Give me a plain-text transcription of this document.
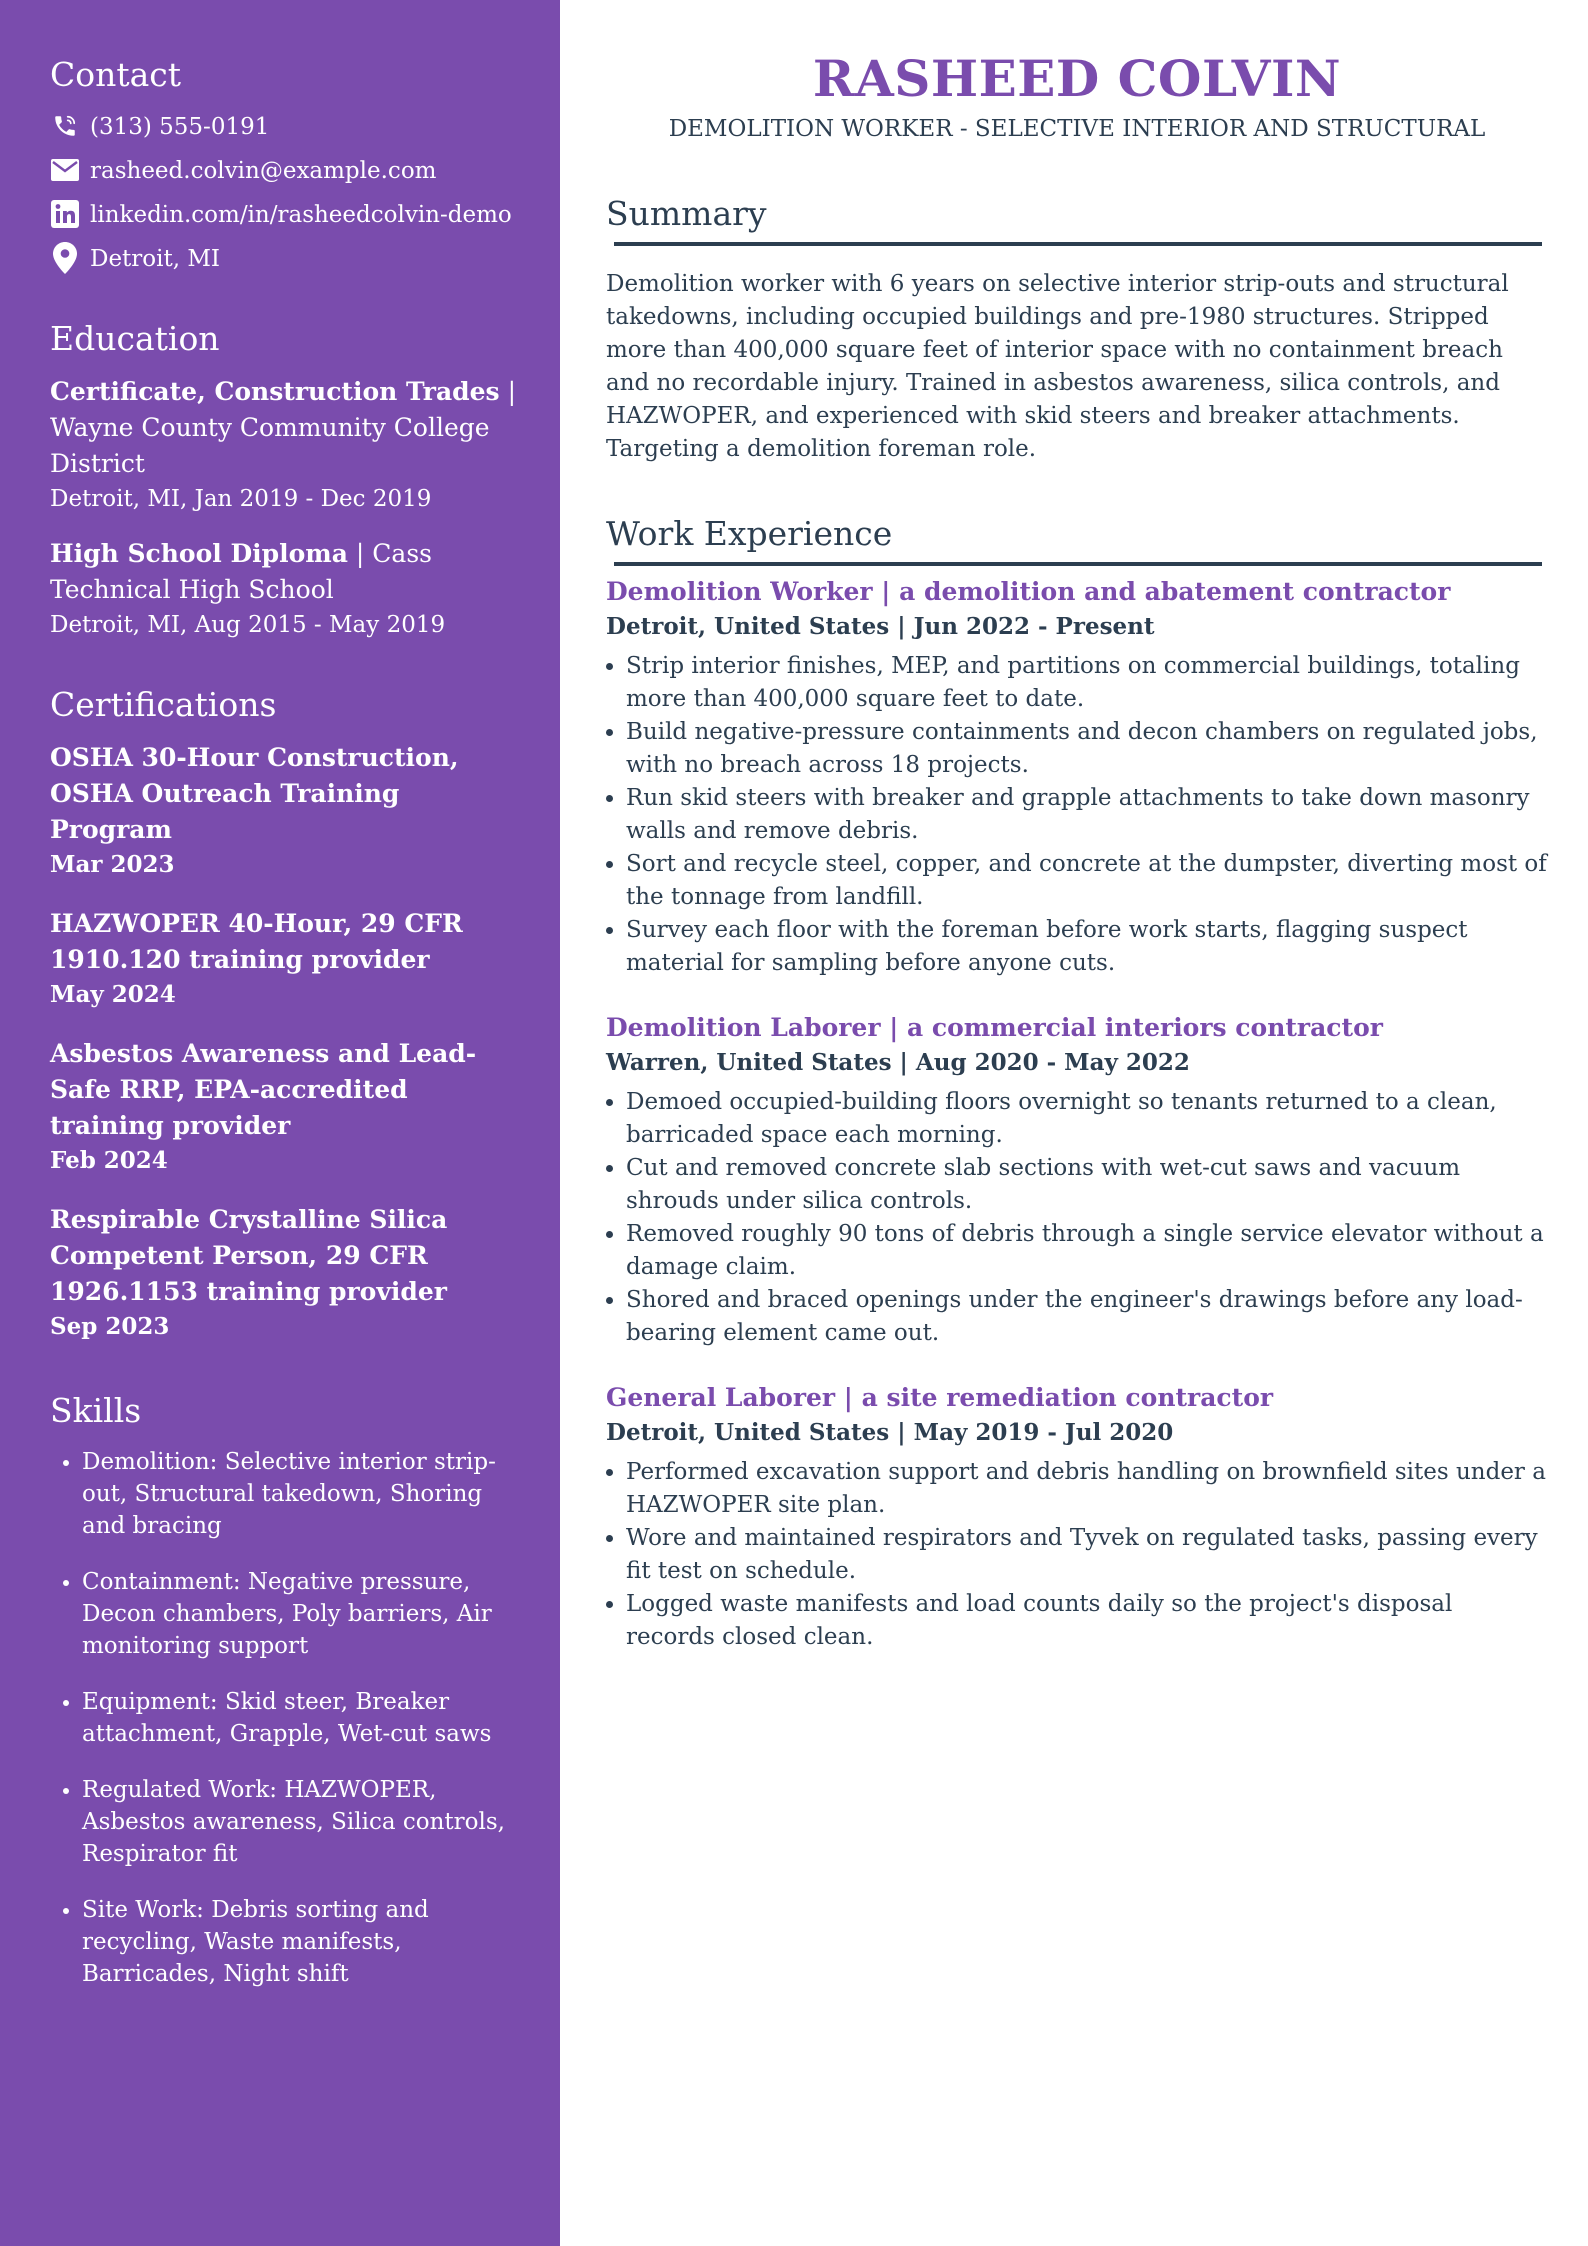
Contact
(313) 555-0191
rasheed.colvin@example.com
linkedin.com/in/rasheedcolvin-demo
Detroit, MI
Education
Certificate, Construction Trades | Wayne County Community College District
Detroit, MI, Jan 2019 - Dec 2019
High School Diploma | Cass Technical High School
Detroit, MI, Aug 2015 - May 2019
Certifications
OSHA 30-Hour Construction, OSHA Outreach Training Program
Mar 2023
HAZWOPER 40-Hour, 29 CFR 1910.120 training provider
May 2024
Asbestos Awareness and Lead-Safe RRP, EPA-accredited training provider
Feb 2024
Respirable Crystalline Silica Competent Person, 29 CFR 1926.1153 training provider
Sep 2023
Skills
• Demolition: Selective interior strip-out, Structural takedown, Shoring and bracing
• Containment: Negative pressure, Decon chambers, Poly barriers, Air monitoring support
• Equipment: Skid steer, Breaker attachment, Grapple, Wet-cut saws
• Regulated Work: HAZWOPER, Asbestos awareness, Silica controls, Respirator fit
• Site Work: Debris sorting and recycling, Waste manifests, Barricades, Night shift
RASHEED COLVIN
DEMOLITION WORKER - SELECTIVE INTERIOR AND STRUCTURAL
Summary

Demolition worker with 6 years on selective interior strip-outs and structural takedowns, including occupied buildings and pre-1980 structures. Stripped more than 400,000 square feet of interior space with no containment breach and no recordable injury. Trained in asbestos awareness, silica controls, and HAZWOPER, and experienced with skid steers and breaker attachments. Targeting a demolition foreman role.

Work Experience
Demolition Worker | a demolition and abatement contractor
Detroit, United States | Jun 2022 - Present
• Strip interior finishes, MEP, and partitions on commercial buildings, totaling more than 400,000 square feet to date.
• Build negative-pressure containments and decon chambers on regulated jobs, with no breach across 18 projects.
• Run skid steers with breaker and grapple attachments to take down masonry walls and remove debris.
• Sort and recycle steel, copper, and concrete at the dumpster, diverting most of the tonnage from landfill.
• Survey each floor with the foreman before work starts, flagging suspect material for sampling before anyone cuts.
Demolition Laborer | a commercial interiors contractor
Warren, United States | Aug 2020 - May 2022
• Demoed occupied-building floors overnight so tenants returned to a clean, barricaded space each morning.
• Cut and removed concrete slab sections with wet-cut saws and vacuum shrouds under silica controls.
• Removed roughly 90 tons of debris through a single service elevator without a damage claim.
• Shored and braced openings under the engineer's drawings before any load-bearing element came out.
General Laborer | a site remediation contractor
Detroit, United States | May 2019 - Jul 2020
• Performed excavation support and debris handling on brownfield sites under a HAZWOPER site plan.
• Wore and maintained respirators and Tyvek on regulated tasks, passing every fit test on schedule.
• Logged waste manifests and load counts daily so the project's disposal records closed clean.
